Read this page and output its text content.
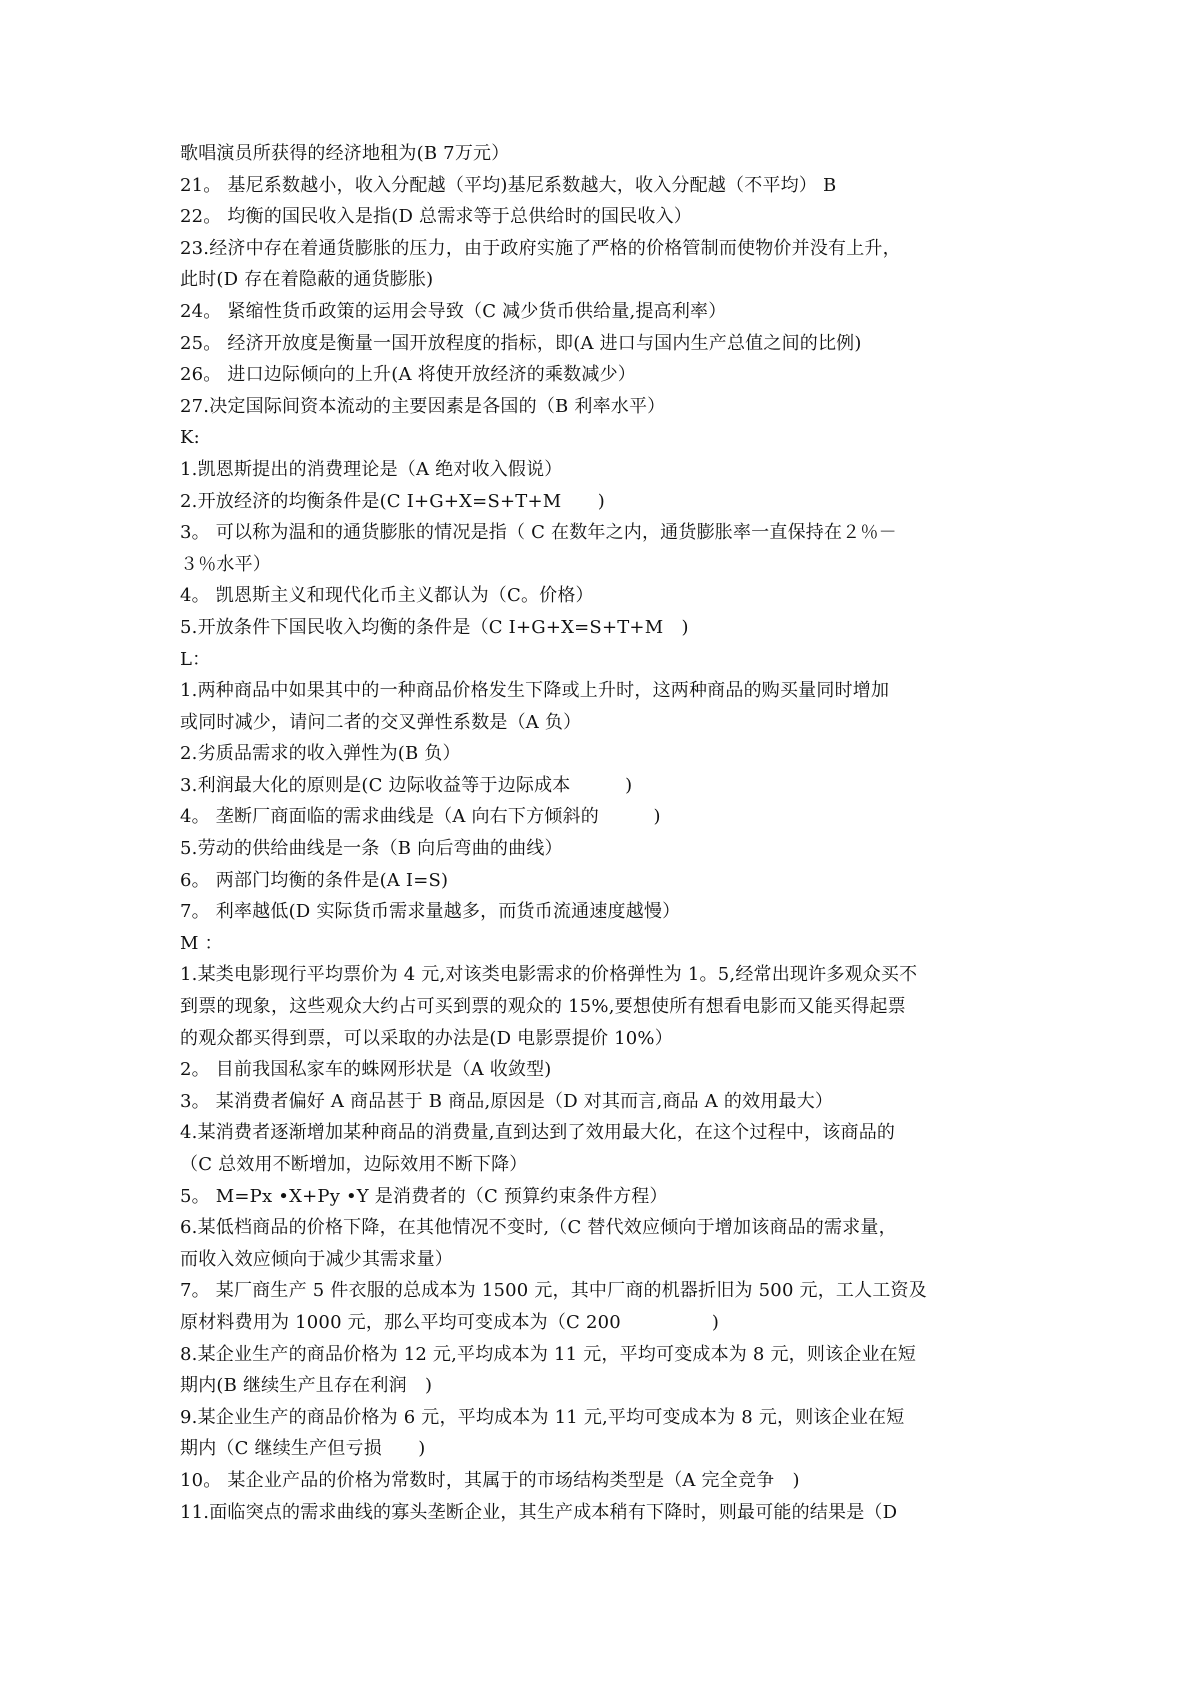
歌唱演员所获得的经济地租为(B 7万元）
21。 基尼系数越小，收入分配越（平均)基尼系数越大，收入分配越（不平均） B
22。 均衡的国民收入是指(D 总需求等于总供给时的国民收入）
23.经济中存在着通货膨胀的压力，由于政府实施了严格的价格管制而使物价并没有上升，
此时(D 存在着隐蔽的通货膨胀)
24。 紧缩性货币政策的运用会导致（C 减少货币供给量,提高利率）
25。 经济开放度是衡量一国开放程度的指标，即(A 进口与国内生产总值之间的比例)
26。 进口边际倾向的上升(A 将使开放经济的乘数减少）
27.决定国际间资本流动的主要因素是各国的（B 利率水平）
K:
1.凯恩斯提出的消费理论是（A 绝对收入假说）
2.开放经济的均衡条件是(C I+G+X=S+T+M　　)
3。 可以称为温和的通货膨胀的情况是指（ C 在数年之内，通货膨胀率一直保持在２％－
３％水平）
4。 凯恩斯主义和现代化币主义都认为（C。价格）
5.开放条件下国民收入均衡的条件是（C I+G+X=S+T+M　)
L：
1.两种商品中如果其中的一种商品价格发生下降或上升时，这两种商品的购买量同时增加
或同时减少，请问二者的交叉弹性系数是（A 负）
2.劣质品需求的收入弹性为(B 负）
3.利润最大化的原则是(C 边际收益等于边际成本　　　)
4。 垄断厂商面临的需求曲线是（A 向右下方倾斜的　　　)
5.劳动的供给曲线是一条（B 向后弯曲的曲线）
6。 两部门均衡的条件是(A I=S)
7。 利率越低(D 实际货币需求量越多，而货币流通速度越慢）
M ：
1.某类电影现行平均票价为 4 元,对该类电影需求的价格弹性为 1。5,经常出现许多观众买不
到票的现象，这些观众大约占可买到票的观众的 15%,要想使所有想看电影而又能买得起票
的观众都买得到票，可以采取的办法是(D 电影票提价 10%）
2。 目前我国私家车的蛛网形状是（A 收敛型)
3。 某消费者偏好 A 商品甚于 B 商品,原因是（D 对其而言,商品 A 的效用最大）
4.某消费者逐渐增加某种商品的消费量,直到达到了效用最大化，在这个过程中，该商品的
（C 总效用不断增加，边际效用不断下降）
5。 M=Px •X+Py •Y 是消费者的（C 预算约束条件方程）
6.某低档商品的价格下降，在其他情况不变时,（C 替代效应倾向于增加该商品的需求量，
而收入效应倾向于减少其需求量）
7。 某厂商生产 5 件衣服的总成本为 1500 元，其中厂商的机器折旧为 500 元，工人工资及
原材料费用为 1000 元，那么平均可变成本为（C 200　　　　　)
8.某企业生产的商品价格为 12 元,平均成本为 11 元，平均可变成本为 8 元，则该企业在短
期内(B 继续生产且存在利润　)
9.某企业生产的商品价格为 6 元，平均成本为 11 元,平均可变成本为 8 元，则该企业在短
期内（C 继续生产但亏损　　)
10。 某企业产品的价格为常数时，其属于的市场结构类型是（A 完全竞争　)
11.面临突点的需求曲线的寡头垄断企业，其生产成本稍有下降时，则最可能的结果是（D
